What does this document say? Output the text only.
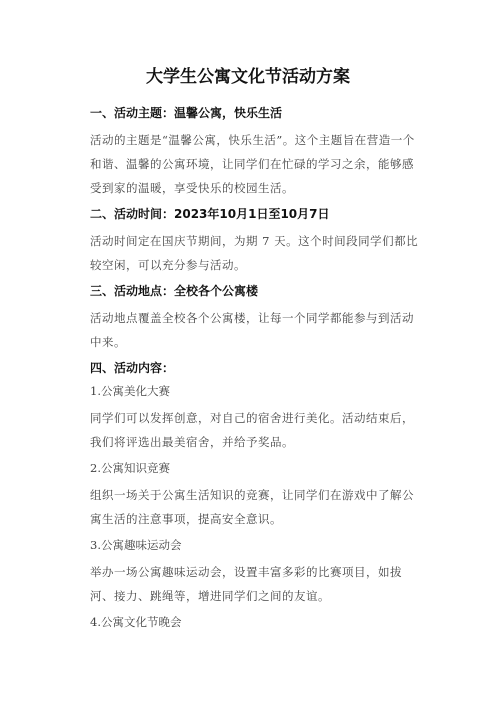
大学生公寓文化节活动方案
一、活动主题：温馨公寓，快乐生活

活动的主题是“温馨公寓，快乐生活”。这个主题旨在营造一个和谐、温馨的公寓环境，让同学们在忙碌的学习之余，能够感受到家的温暖，享受快乐的校园生活。

二、活动时间：2023年10月1日至10月7日

活动时间定在国庆节期间，为期 7 天。这个时间段同学们都比较空闲，可以充分参与活动。

三、活动地点：全校各个公寓楼

活动地点覆盖全校各个公寓楼，让每一个同学都能参与到活动中来。

四、活动内容：
1.公寓美化大赛

同学们可以发挥创意，对自己的宿舍进行美化。活动结束后，我们将评选出最美宿舍，并给予奖品。

2.公寓知识竞赛

组织一场关于公寓生活知识的竞赛，让同学们在游戏中了解公寓生活的注意事项，提高安全意识。

3.公寓趣味运动会

举办一场公寓趣味运动会，设置丰富多彩的比赛项目，如拔河、接力、跳绳等，增进同学们之间的友谊。

4.公寓文化节晚会
